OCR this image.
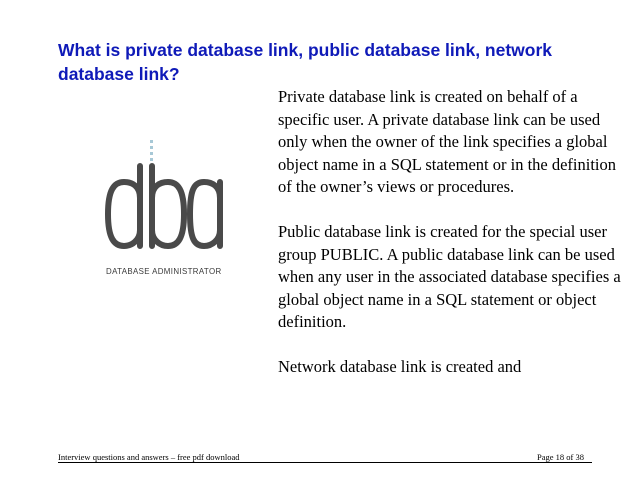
What is private database link, public database link, network database link?
DATABASE ADMINISTRATOR

Private database link is created on behalf of a specific user. A private database link can be used only when the owner of the link specifies a global object name in a SQL statement or in the definition of the owner’s views or procedures.

Public database link is created for the special user group PUBLIC. A public database link can be used when any user in the associated database specifies a global object name in a SQL statement or object definition.

Network database link is created and

Interview questions and answers – free pdf download	Page 18 of 38
